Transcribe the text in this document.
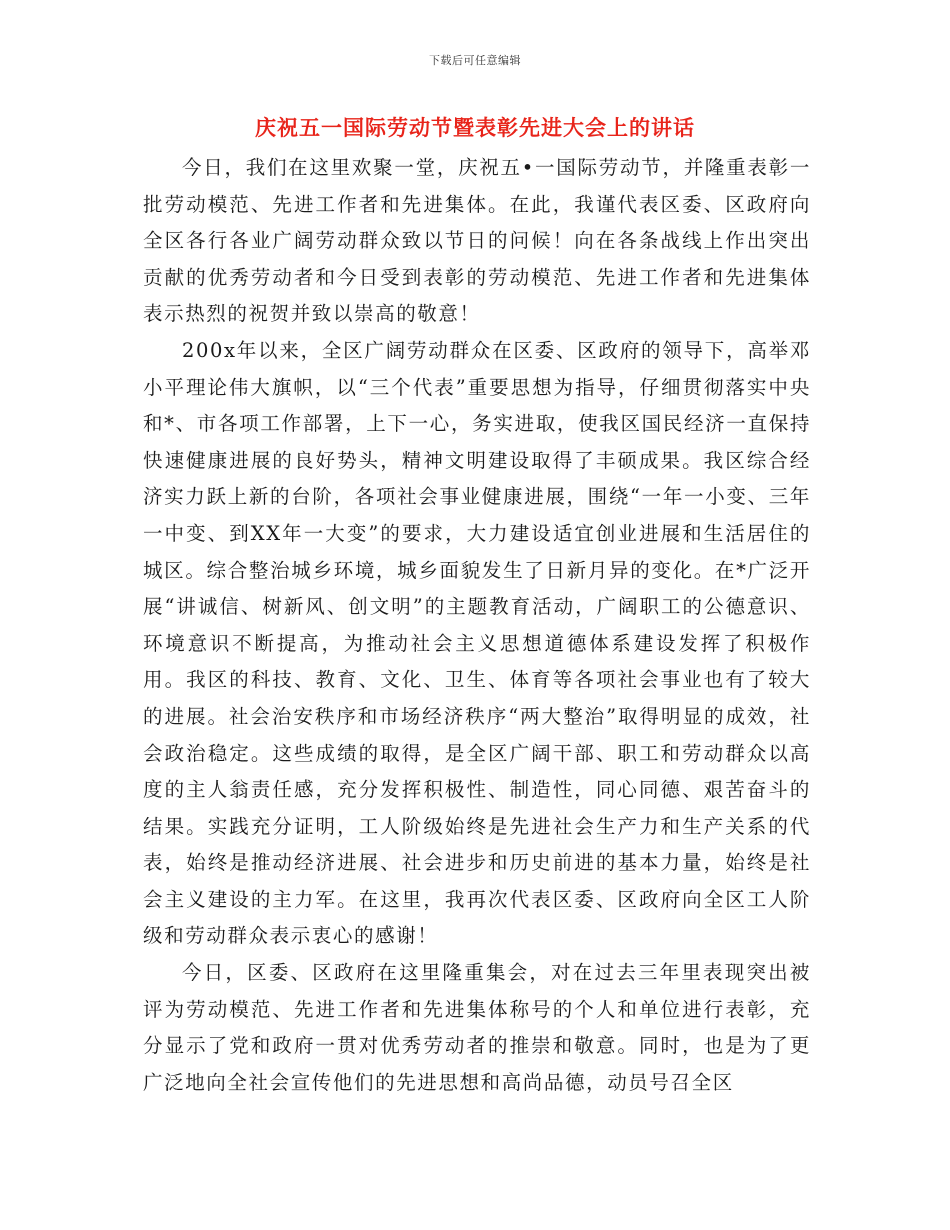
下载后可任意编辑
庆祝五一国际劳动节暨表彰先进大会上的讲话

今日，我们在这里欢聚一堂，庆祝五•一国际劳动节，并隆重表彰一批劳动模范、先进工作者和先进集体。在此，我谨代表区委、区政府向全区各行各业广阔劳动群众致以节日的问候！向在各条战线上作出突出贡献的优秀劳动者和今日受到表彰的劳动模范、先进工作者和先进集体表示热烈的祝贺并致以崇高的敬意！

200x年以来，全区广阔劳动群众在区委、区政府的领导下，高举邓小平理论伟大旗帜，以“三个代表”重要思想为指导，仔细贯彻落实中央和*、市各项工作部署，上下一心，务实进取，使我区国民经济一直保持快速健康进展的良好势头，精神文明建设取得了丰硕成果。我区综合经济实力跃上新的台阶，各项社会事业健康进展，围绕“一年一小变、三年一中变、到XX年一大变”的要求，大力建设适宜创业进展和生活居住的城区。综合整治城乡环境，城乡面貌发生了日新月异的变化。在*广泛开展“讲诚信、树新风、创文明”的主题教育活动，广阔职工的公德意识、环境意识不断提高，为推动社会主义思想道德体系建设发挥了积极作用。我区的科技、教育、文化、卫生、体育等各项社会事业也有了较大的进展。社会治安秩序和市场经济秩序“两大整治”取得明显的成效，社会政治稳定。这些成绩的取得，是全区广阔干部、职工和劳动群众以高度的主人翁责任感，充分发挥积极性、制造性，同心同德、艰苦奋斗的结果。实践充分证明，工人阶级始终是先进社会生产力和生产关系的代表，始终是推动经济进展、社会进步和历史前进的基本力量，始终是社会主义建设的主力军。在这里，我再次代表区委、区政府向全区工人阶级和劳动群众表示衷心的感谢！

今日，区委、区政府在这里隆重集会，对在过去三年里表现突出被评为劳动模范、先进工作者和先进集体称号的个人和单位进行表彰，充分显示了党和政府一贯对优秀劳动者的推崇和敬意。同时，也是为了更广泛地向全社会宣传他们的先进思想和高尚品德，动员号召全区
